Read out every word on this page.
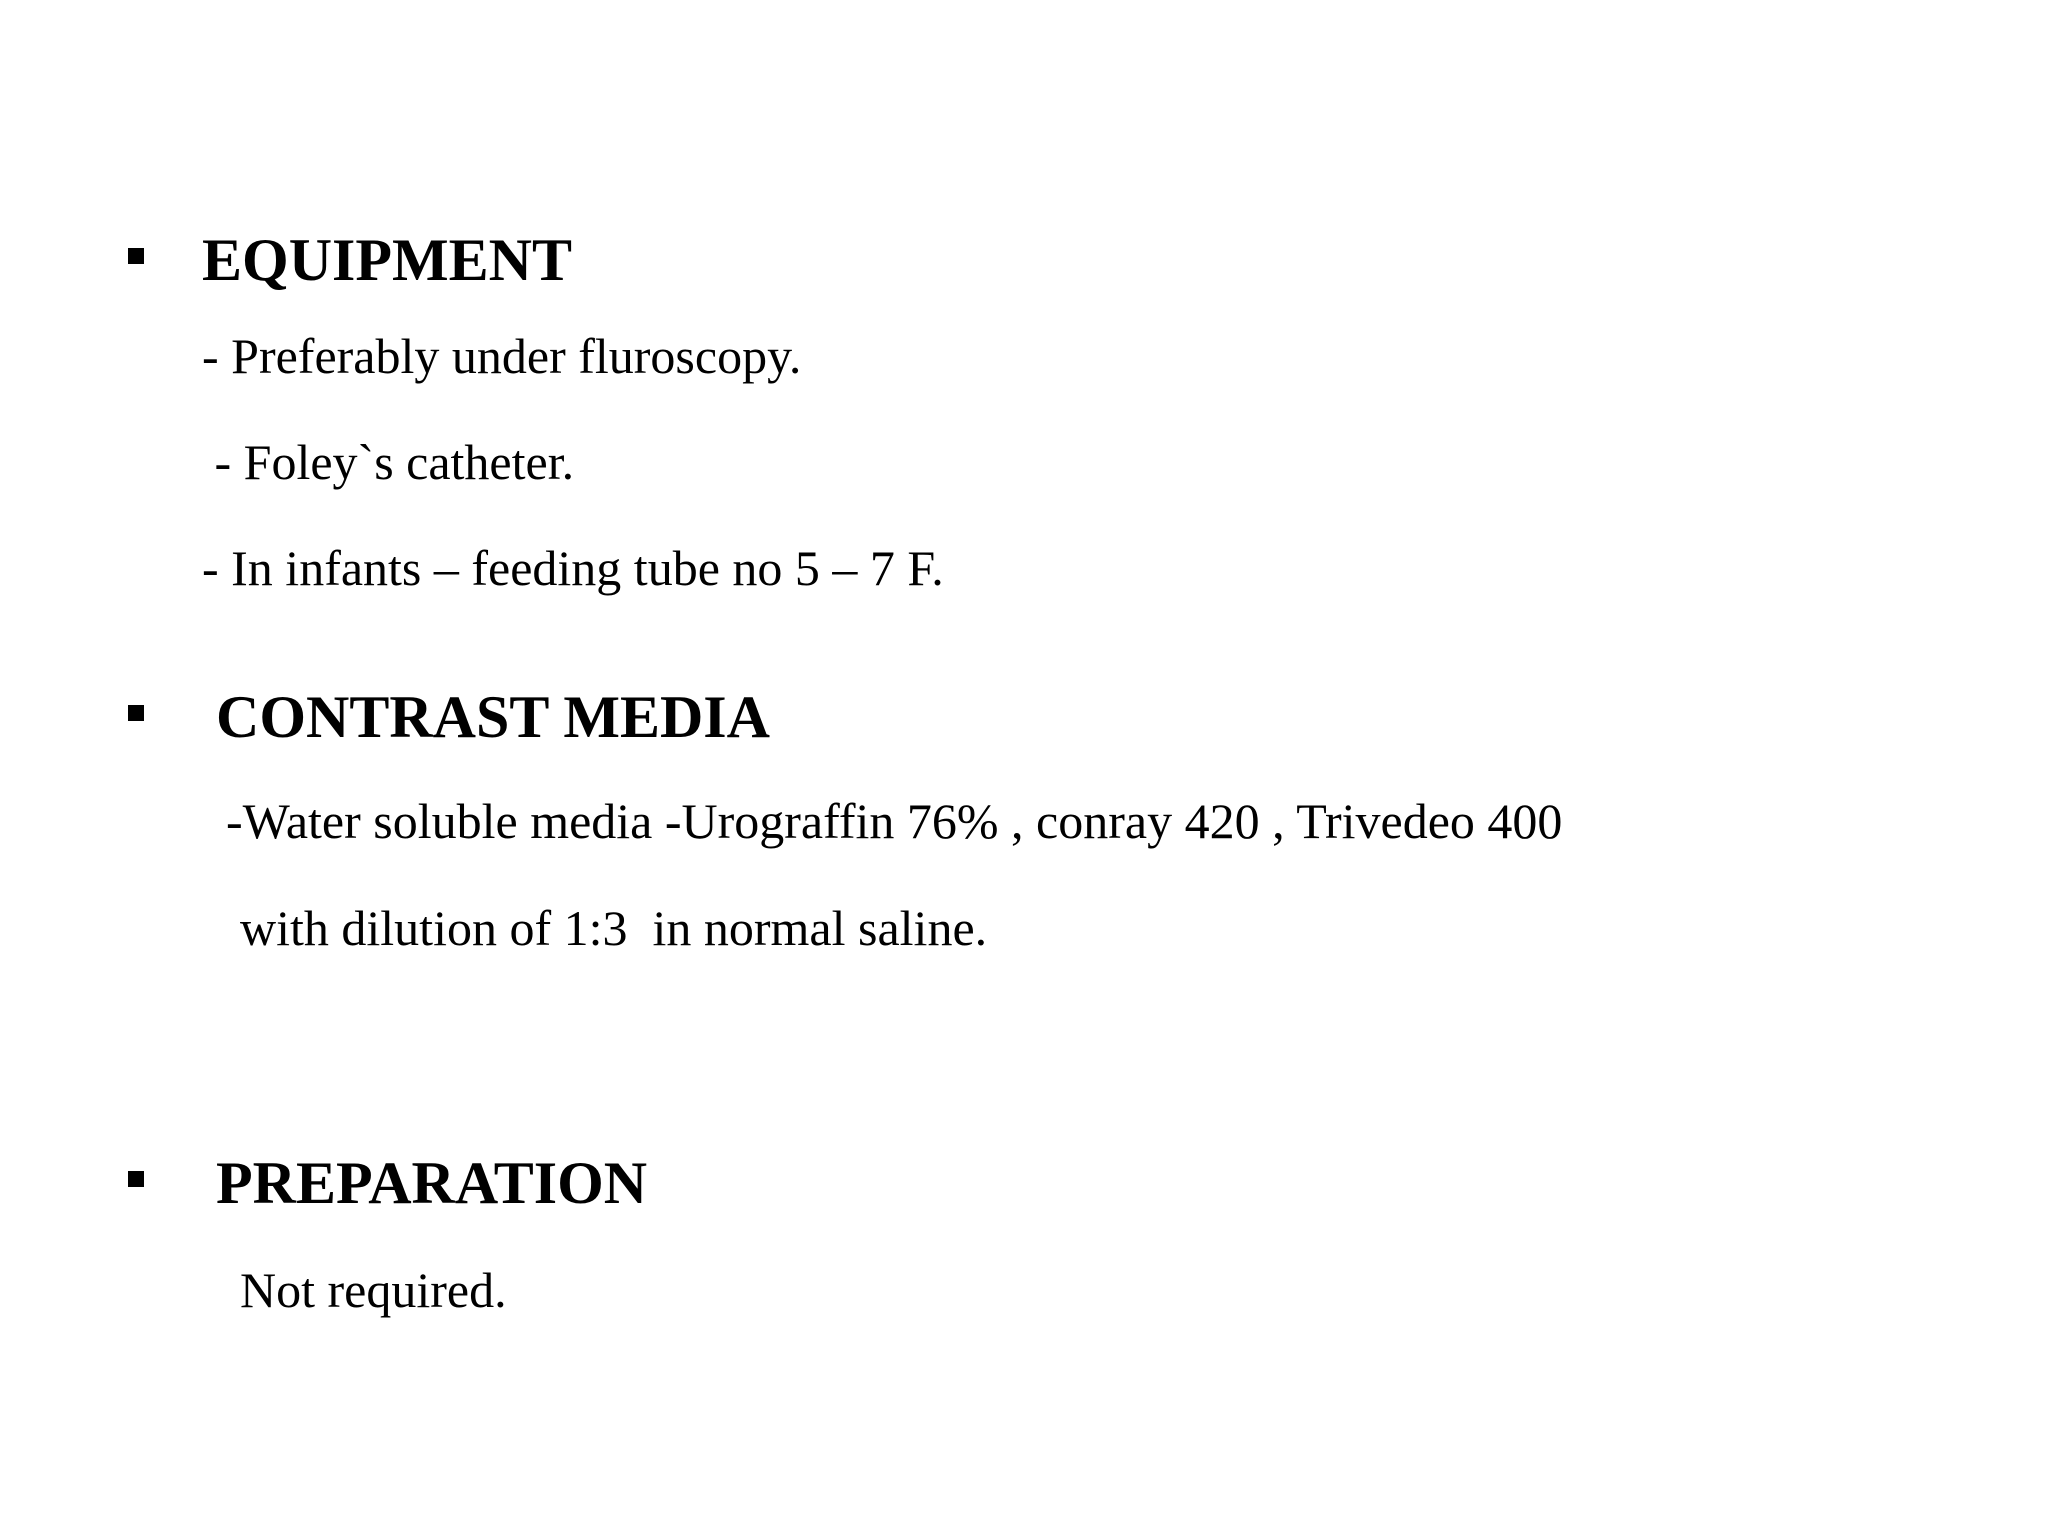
EQUIPMENT
- Preferably under fluroscopy.
- Foley`s catheter.
- In infants – feeding tube no 5 – 7 F.
CONTRAST MEDIA
-Water soluble media -Urograffin 76% , conray 420 , Trivedeo 400
with dilution of 1:3  in normal saline.
PREPARATION
Not required.
